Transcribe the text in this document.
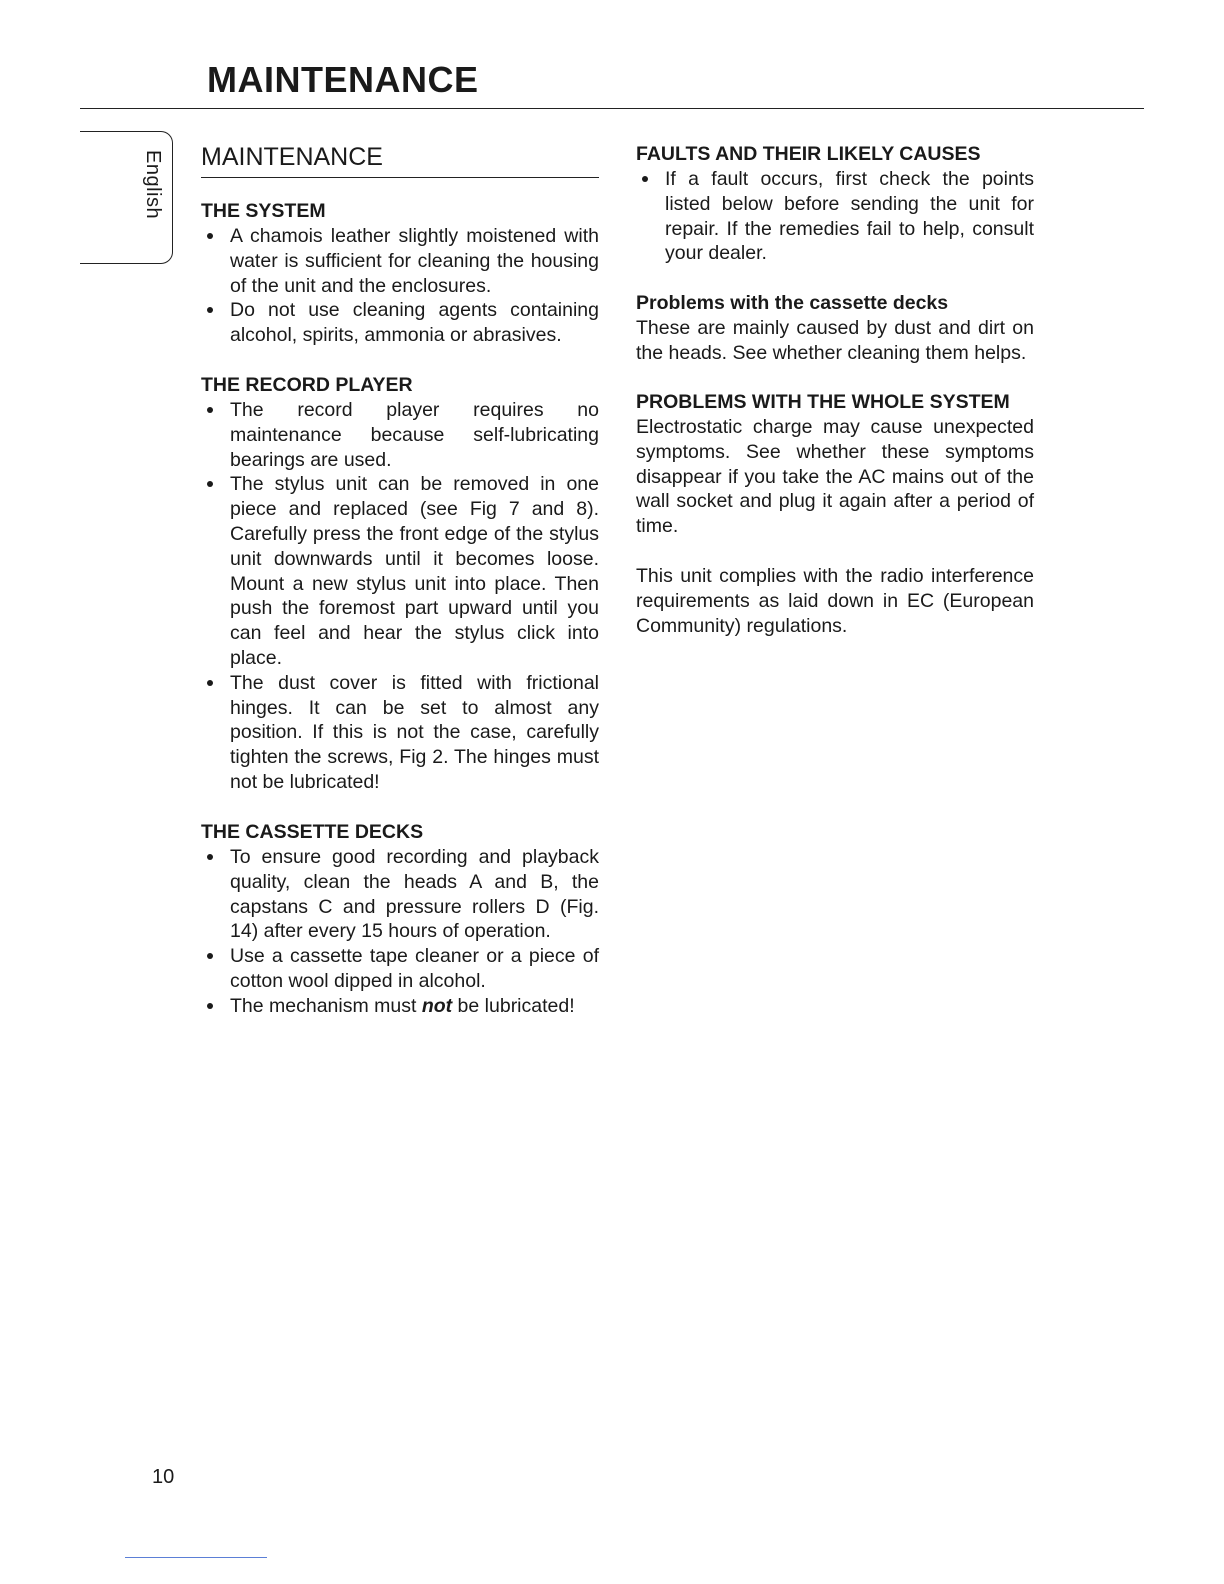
MAINTENANCE
English MAINTENANCE
THE SYSTEM
A chamois leather slightly moistened with water is sufficient for cleaning the housing of the unit and the enclosures.
Do not use cleaning agents containing alcohol, spirits, ammonia or abrasives.
THE RECORD PLAYER
The record player requires no maintenance because self-lubricating bearings are used.
The stylus unit can be removed in one piece and replaced (see Fig 7 and 8). Carefully press the front edge of the stylus unit downwards until it becomes loose. Mount a new stylus unit into place. Then push the foremost part upward until you can feel and hear the stylus click into place.
The dust cover is fitted with frictional hinges. It can be set to almost any position. If this is not the case, carefully tighten the screws, Fig 2. The hinges must not be lubricated!
THE CASSETTE DECKS
To ensure good recording and playback quality, clean the heads A and B, the capstans C and pressure rollers D (Fig. 14) after every 15 hours of operation.
Use a cassette tape cleaner or a piece of cotton wool dipped in alcohol.
The mechanism must not be lubricated!
FAULTS AND THEIR LIKELY CAUSES
If a fault occurs, first check the points listed below before sending the unit for repair. If the remedies fail to help, consult your dealer.
Problems with the cassette decks
These are mainly caused by dust and dirt on the heads. See whether cleaning them helps.
PROBLEMS WITH THE WHOLE SYSTEM
Electrostatic charge may cause unexpected symptoms. See whether these symptoms disappear if you take the AC mains out of the wall socket and plug it again after a period of time.
This unit complies with the radio interference requirements as laid down in EC (European Community) regulations.
10
